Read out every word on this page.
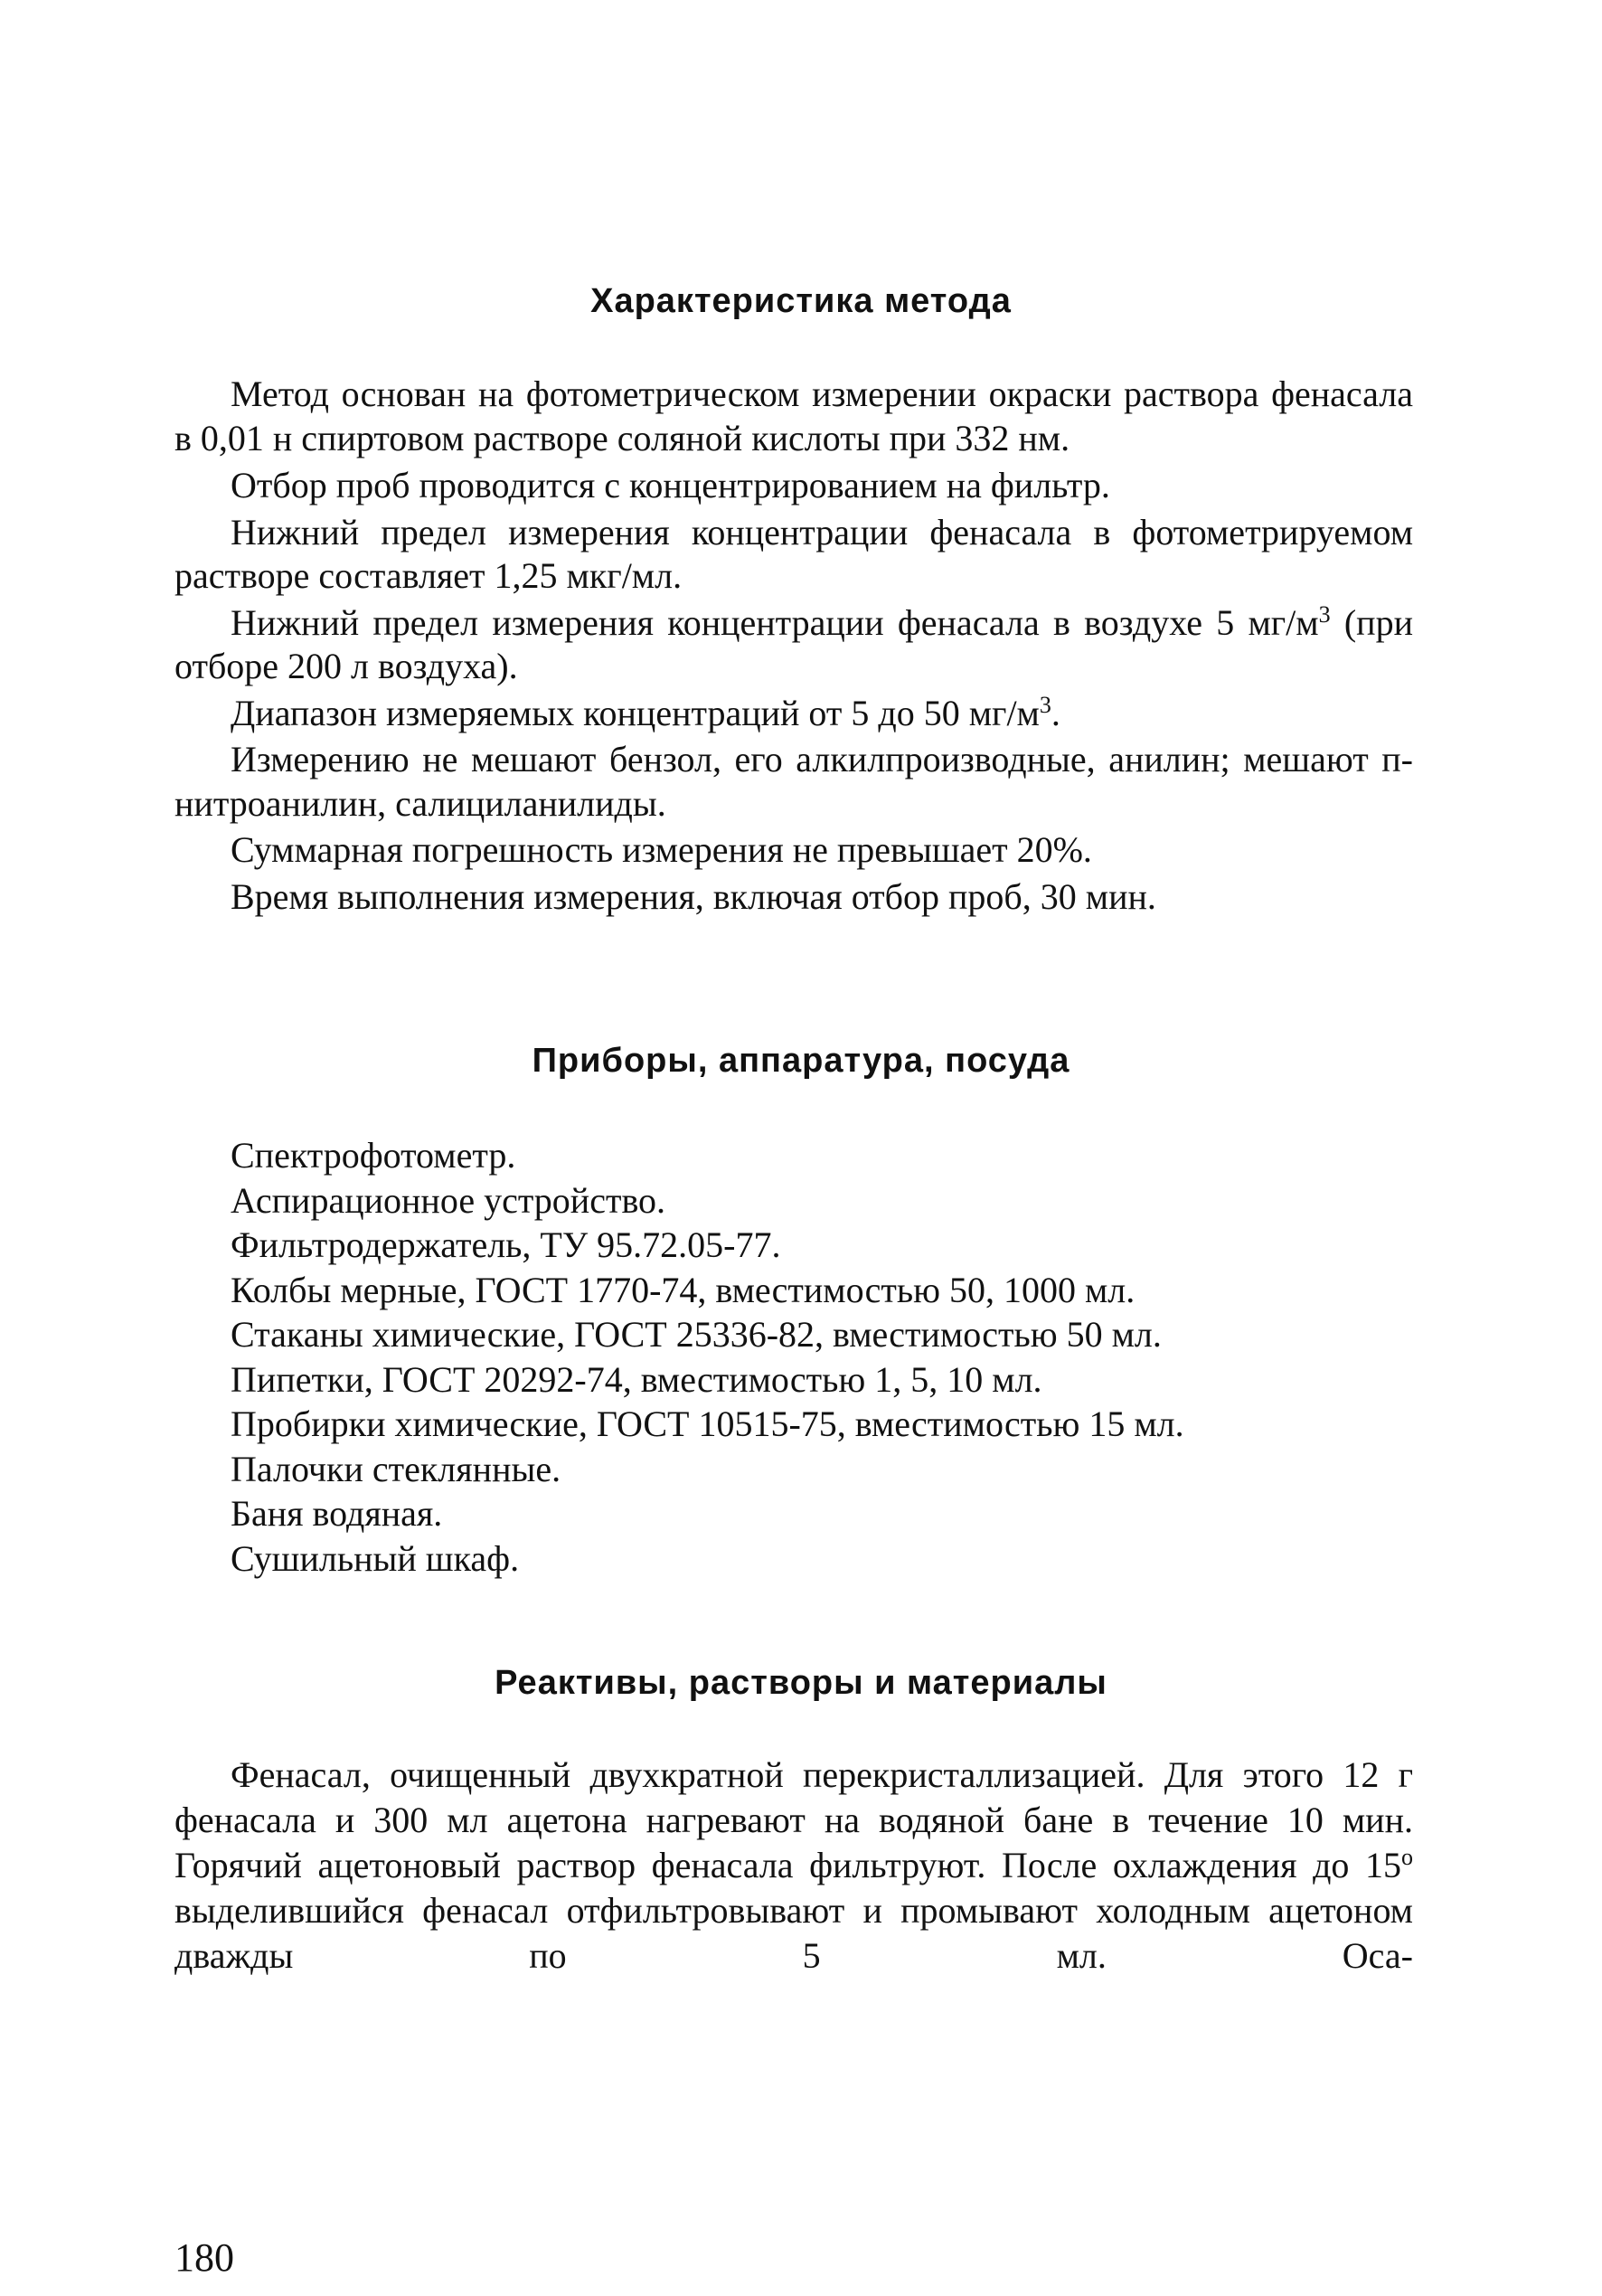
Характеристика метода

Метод основан на фотометрическом измерении окраски раствора фенасала в 0,01 н спиртовом растворе соляной кислоты при 332 нм.

Отбор проб проводится с концентрированием на фильтр.

Нижний предел измерения концентрации фенасала в фотометрируемом растворе составляет 1,25 мкг/мл.

Нижний предел измерения концентрации фенасала в воздухе 5 $мг/м^3$ (при отборе 200 л воздуха).

Диапазон измеряемых концентраций от 5 до 50 $мг/м^3$.

Измерению не мешают бензол, его алкилпроизводные, анилин; мешают п-нитроанилин, салициланилиды.

Суммарная погрешность измерения не превышает 20%.

Время выполнения измерения, включая отбор проб, 30 мин.

Приборы, аппаратура, посуда
Спектрофотометр.
Аспирационное устройство.
Фильтродержатель, ТУ 95.72.05-77.
Колбы мерные, ГОСТ 1770-74, вместимостью 50, 1000 мл.
Стаканы химические, ГОСТ 25336-82, вместимостью 50 мл.
Пипетки, ГОСТ 20292-74, вместимостью 1, 5, 10 мл.
Пробирки химические, ГОСТ 10515-75, вместимостью 15 мл.
Палочки стеклянные.
Баня водяная.
Сушильный шкаф.
Реактивы, растворы и материалы

Фенасал, очищенный двухкратной перекристаллизацией. Для этого 12 г фенасала и 300 мл ацетона нагревают на водяной бане в течение 10 мин. Горячий ацетоновый раствор фенасала фильтруют. После охлаждения до $15^о$ выделившийся фенасал отфильтровывают и промывают холодным ацетоном дважды по 5 мл. Оса-

180
